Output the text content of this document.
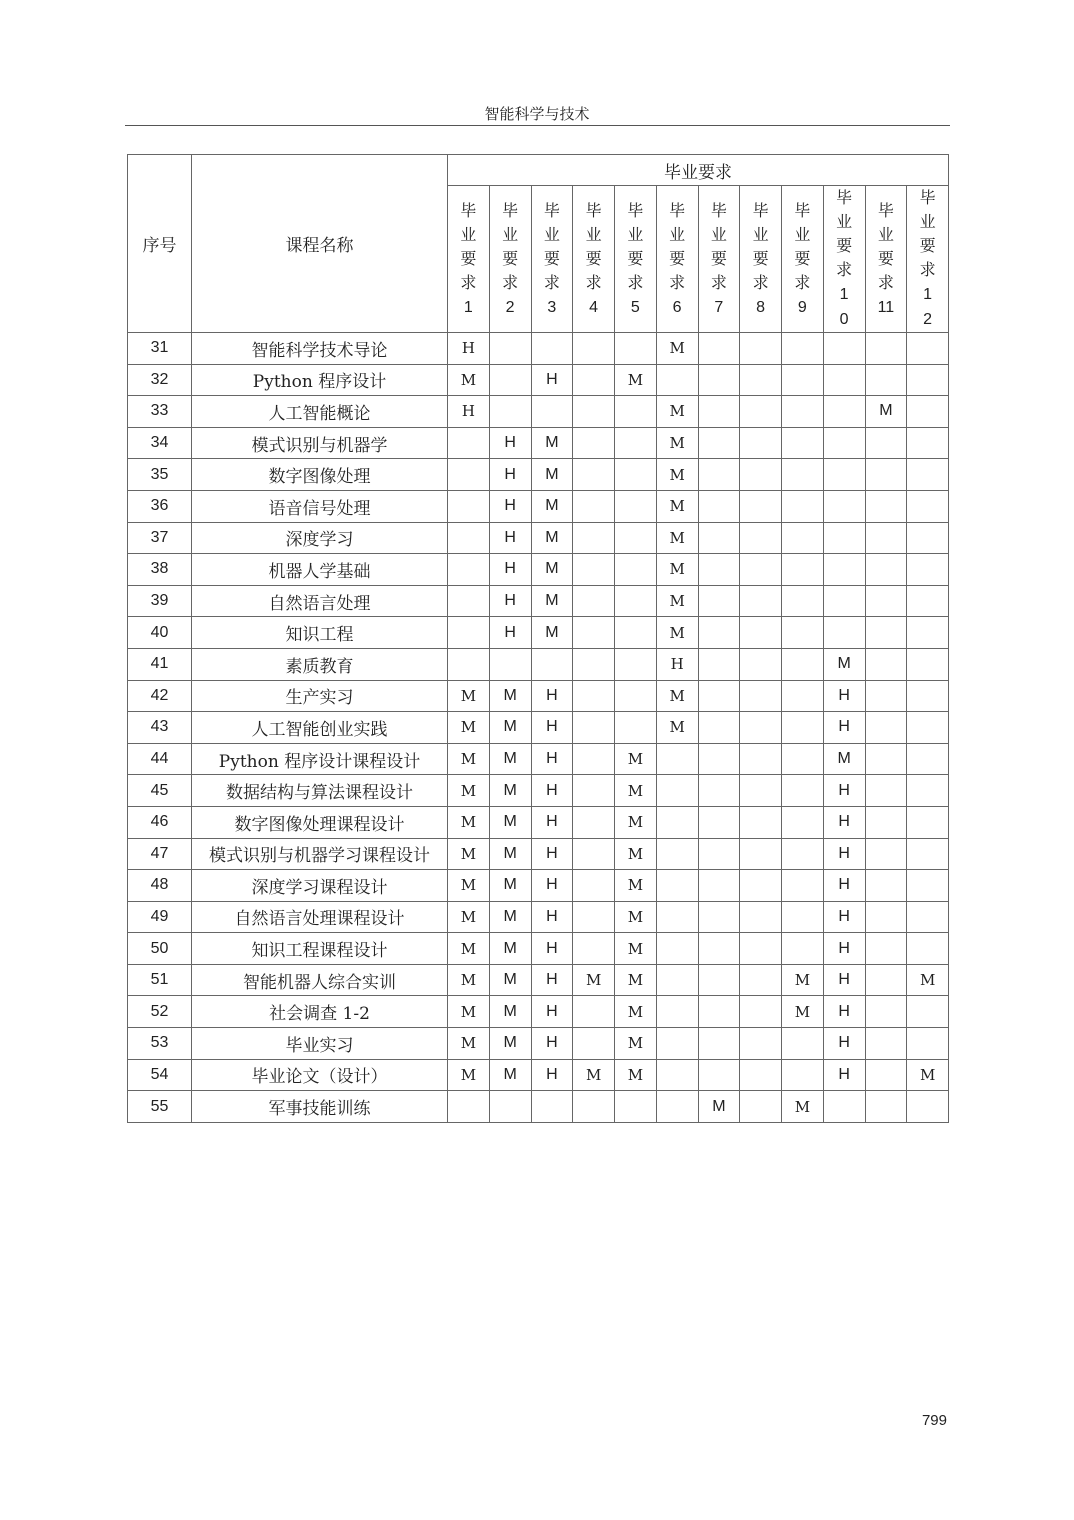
智能科学与技术
序号	课程名称	毕业要求											
		毕业要求1	毕业要求2	毕业要求3	毕业要求4	毕业要求5	毕业要求6	毕业要求7	毕业要求8	毕业要求9	毕业要求10	毕业要求11	毕业要求12
31	智能科学技术导论	H					M						
32	Python 程序设计	M		H		M							
33	人工智能概论	H					M					M	
34	模式识别与机器学		H	M			M						
35	数字图像处理		H	M			M						
36	语音信号处理		H	M			M						
37	深度学习		H	M			M						
38	机器人学基础		H	M			M						
39	自然语言处理		H	M			M						
40	知识工程		H	M			M						
41	素质教育						H				M		
42	生产实习	M	M	H			M				H		
43	人工智能创业实践	M	M	H			M				H		
44	Python 程序设计课程设计	M	M	H		M					M		
45	数据结构与算法课程设计	M	M	H		M					H		
46	数字图像处理课程设计	M	M	H		M					H		
47	模式识别与机器学习课程设计	M	M	H		M					H		
48	深度学习课程设计	M	M	H		M					H		
49	自然语言处理课程设计	M	M	H		M					H		
50	知识工程课程设计	M	M	H		M					H		
51	智能机器人综合实训	M	M	H	M	M				M	H		M
52	社会调查 1-2	M	M	H		M				M	H		
53	毕业实习	M	M	H		M					H		
54	毕业论文（设计）	M	M	H	M	M					H		M
55	军事技能训练							M		M			
799
